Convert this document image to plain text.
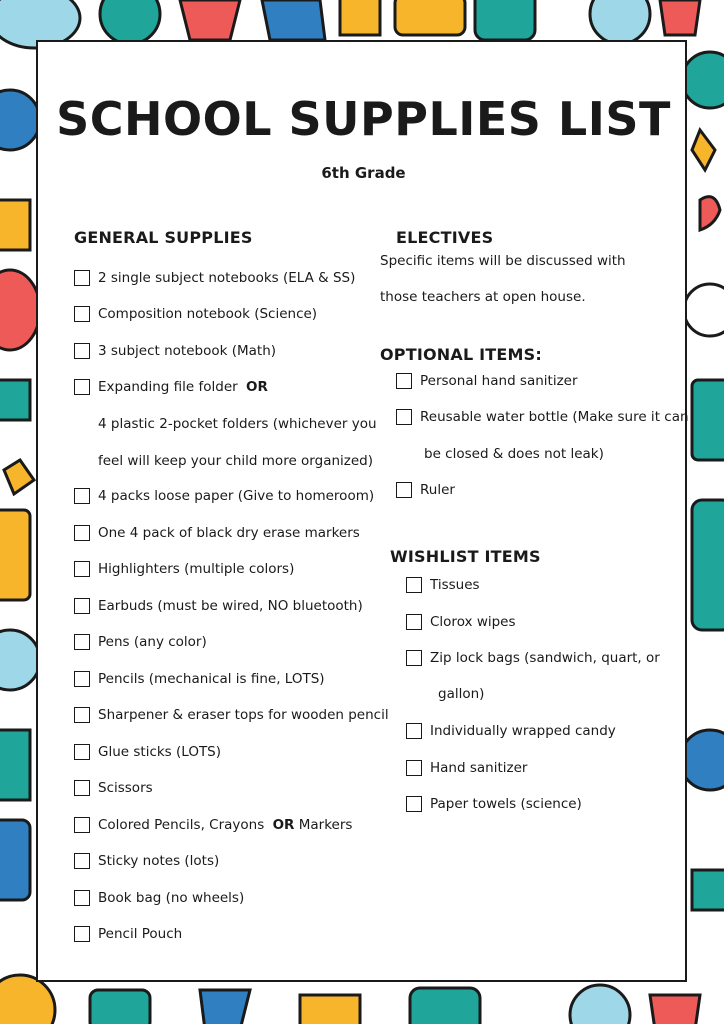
SCHOOL SUPPLIES LIST
6th Grade
GENERAL SUPPLIES
2 single subject notebooks (ELA & SS)
Composition notebook (Science)
3 subject notebook (Math)
Expanding file folder OR
4 plastic 2-pocket folders (whichever you
feel will keep your child more organized)
4 packs loose paper (Give to homeroom)
One 4 pack of black dry erase markers
Highlighters (multiple colors)
Earbuds (must be wired, NO bluetooth)
Pens (any color)
Pencils (mechanical is fine, LOTS)
Sharpener & eraser tops for wooden pencil
Glue sticks (LOTS)
Scissors
Colored Pencils, Crayons OR Markers
Sticky notes (lots)
Book bag (no wheels)
Pencil Pouch
ELECTIVES
Specific items will be discussed with
those teachers at open house.
OPTIONAL ITEMS:
Personal hand sanitizer
Reusable water bottle (Make sure it can
be closed & does not leak)
Ruler
WISHLIST ITEMS
Tissues
Clorox wipes
Zip lock bags (sandwich, quart, or
gallon)
Individually wrapped candy
Hand sanitizer
Paper towels (science)
